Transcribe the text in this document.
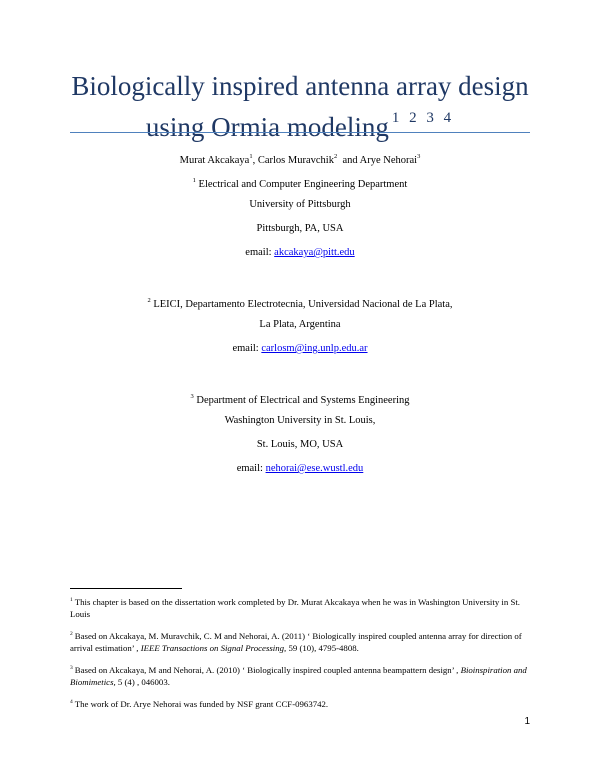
Biologically inspired antenna array design
using Ormia modeling $^{1 2 3 4}$
Murat Akcakaya$^1$, Carlos Muravchik$^2$ and Arye Nehorai$^3$
$^1$ Electrical and Computer Engineering Department
University of Pittsburgh
Pittsburgh, PA, USA
email: akcakaya@pitt.edu
$^2$ LEICI, Departamento Electrotecnia, Universidad Nacional de La Plata,
La Plata, Argentina
email: carlosm@ing.unlp.edu.ar
$^3$ Department of Electrical and Systems Engineering
Washington University in St. Louis,
St. Louis, MO, USA
email: nehorai@ese.wustl.edu
$^1$ This chapter is based on the dissertation work completed by Dr. Murat Akcakaya when he was in Washington University in St. Louis
$^2$ Based on Akcakaya, M. Muravchik, C. M and Nehorai, A. (2011) ‘ Biologically inspired coupled antenna array for direction of arrival estimation’ , IEEE Transactions on Signal Processing, 59 (10), 4795-4808.
$^3$ Based on Akcakaya, M and Nehorai, A. (2010) ‘ Biologically inspired coupled antenna beampattern design’ , Bioinspiration and Biomimetics, 5 (4) , 046003.
$^4$ The work of Dr. Arye Nehorai was funded by NSF grant CCF-0963742.
1
